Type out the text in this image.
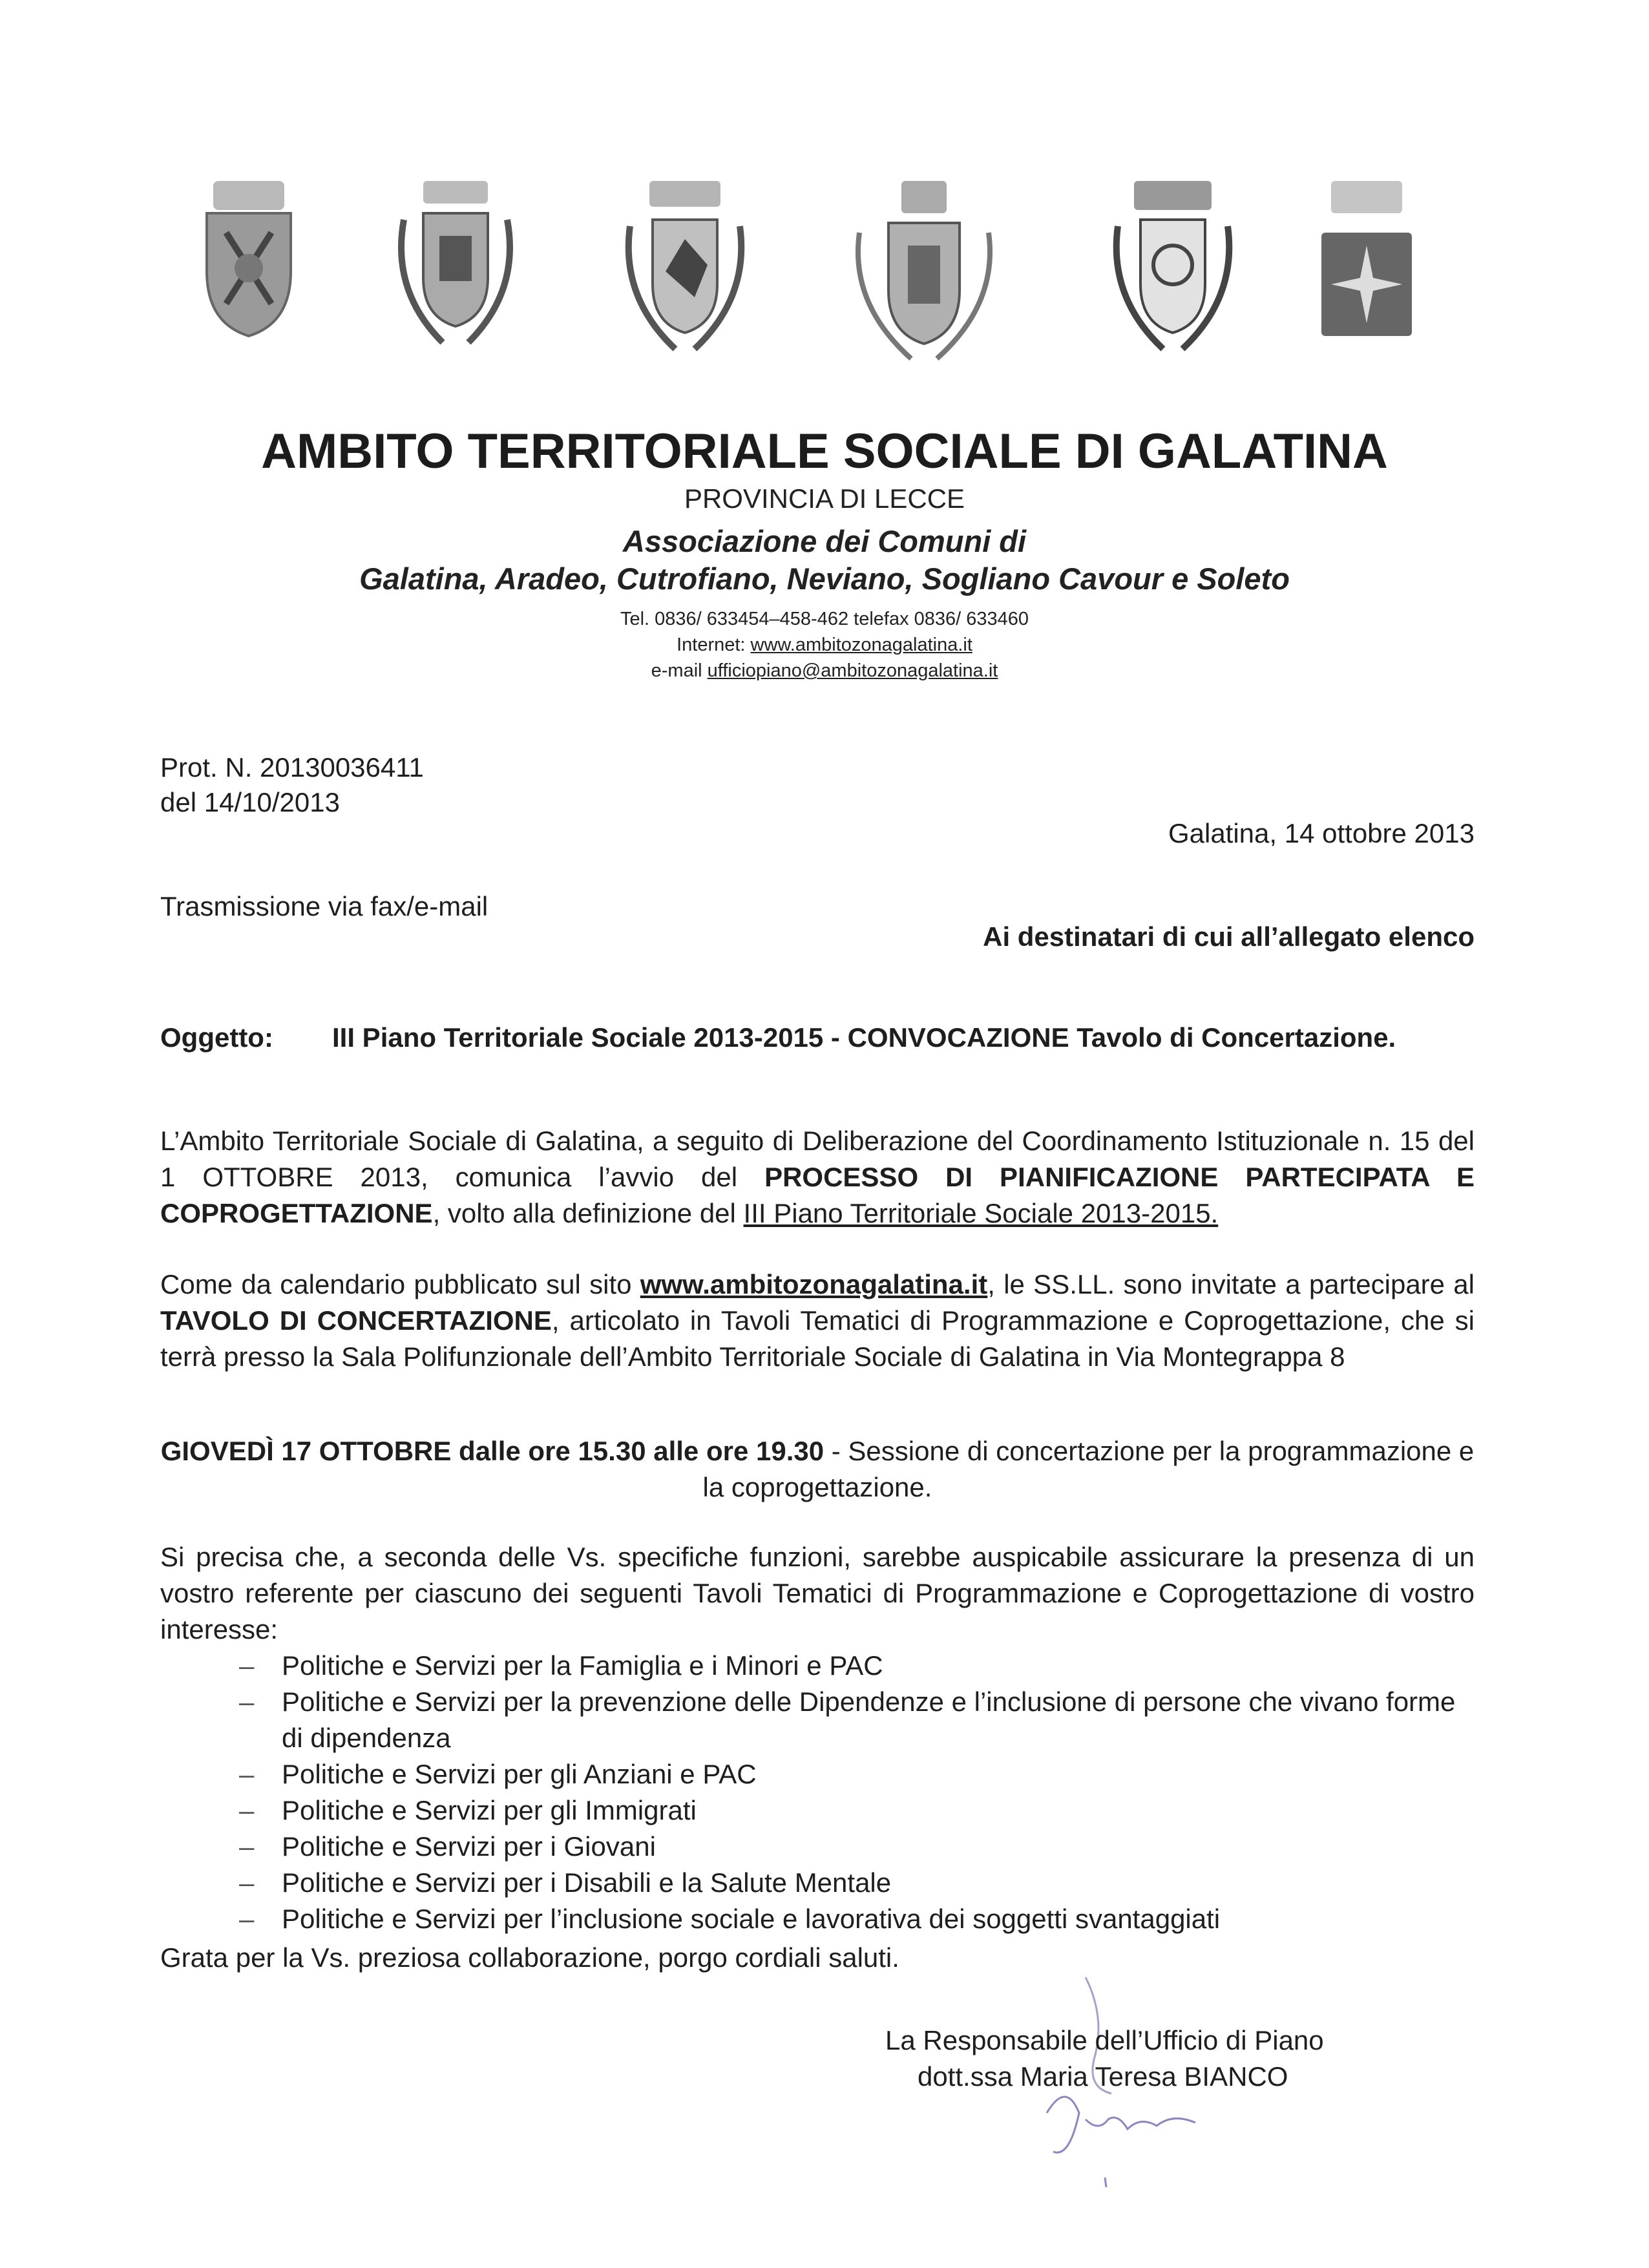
AMBITO TERRITORIALE SOCIALE DI GALATINA
PROVINCIA DI LECCE
Associazione dei Comuni di
Galatina, Aradeo, Cutrofiano, Neviano, Sogliano Cavour e Soleto
Tel. 0836/ 633454–458-462 telefax 0836/ 633460
Internet: www.ambitozonagalatina.it
e-mail ufficiopiano@ambitozonagalatina.it
Prot. N. 20130036411
del 14/10/2013
Galatina, 14 ottobre 2013
Trasmissione via fax/e-mail
Ai destinatari di cui all’allegato elenco
Oggetto: III Piano Territoriale Sociale 2013-2015 - CONVOCAZIONE Tavolo di Concertazione.
L’Ambito Territoriale Sociale di Galatina, a seguito di Deliberazione del Coordinamento Istituzionale n. 15 del 1 OTTOBRE 2013, comunica l’avvio del PROCESSO DI PIANIFICAZIONE PARTECIPATA E COPROGETTAZIONE, volto alla definizione del III Piano Territoriale Sociale 2013-2015.
Come da calendario pubblicato sul sito www.ambitozonagalatina.it, le SS.LL. sono invitate a partecipare al TAVOLO DI CONCERTAZIONE, articolato in Tavoli Tematici di Programmazione e Coprogettazione, che si terrà presso la Sala Polifunzionale dell’Ambito Territoriale Sociale di Galatina in Via Montegrappa 8
GIOVEDÌ 17 OTTOBRE dalle ore 15.30 alle ore 19.30 - Sessione di concertazione per la programmazione e la coprogettazione.
Si precisa che, a seconda delle Vs. specifiche funzioni, sarebbe auspicabile assicurare la presenza di un vostro referente per ciascuno dei seguenti Tavoli Tematici di Programmazione e Coprogettazione di vostro interesse:
– Politiche e Servizi per la Famiglia e i Minori e PAC
– Politiche e Servizi per la prevenzione delle Dipendenze e l’inclusione di persone che vivano forme di dipendenza
– Politiche e Servizi per gli Anziani e PAC
– Politiche e Servizi per gli Immigrati
– Politiche e Servizi per i Giovani
– Politiche e Servizi per i Disabili e la Salute Mentale
– Politiche e Servizi per l’inclusione sociale e lavorativa dei soggetti svantaggiati
Grata per la Vs. preziosa collaborazione, porgo cordiali saluti.
La Responsabile dell’Ufficio di Piano
dott.ssa Maria Teresa BIANCO
